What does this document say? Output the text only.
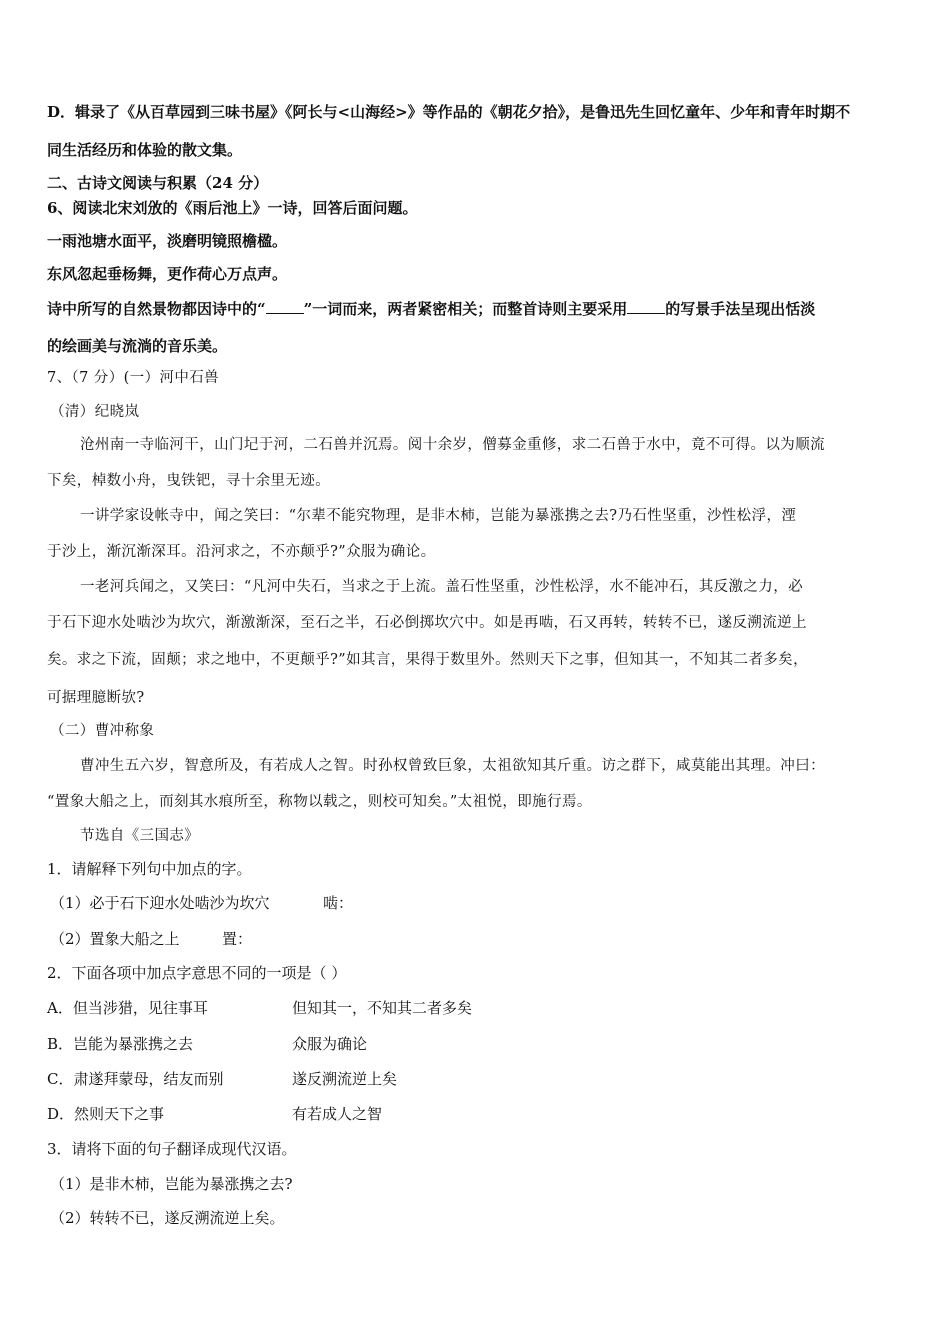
D．辑录了《从百草园到三味书屋》《阿长与<山海经>》等作品的《朝花夕拾》，是鲁迅先生回忆童年、少年和青年时期不
同生活经历和体验的散文集。
二、古诗文阅读与积累（24 分）
6、阅读北宋刘攽的《雨后池上》一诗，回答后面问题。
一雨池塘水面平，淡磨明镜照檐楹。
东风忽起垂杨舞，更作荷心万点声。
诗中所写的自然景物都因诗中的“	”一词而来，两者紧密相关；而整首诗则主要采用	的写景手法呈现出恬淡
的绘画美与流淌的音乐美。
7、（7 分）(一）河中石兽
（清）纪晓岚
沧州南一寺临河干，山门圮于河，二石兽并沉焉。阅十余岁，僧募金重修，求二石兽于水中，竟不可得。以为顺流
下矣，棹数小舟，曳铁钯，寻十余里无迹。
一讲学家设帐寺中，闻之笑曰：“尔辈不能究物理，是非木柿，岂能为暴涨携之去?乃石性坚重，沙性松浮，湮
于沙上，渐沉渐深耳。沿河求之，不亦颠乎?”众服为确论。
一老河兵闻之，又笑曰：“凡河中失石，当求之于上流。盖石性坚重，沙性松浮，水不能冲石，其反激之力，必
于石下迎水处啮沙为坎穴，渐激渐深，至石之半，石必倒掷坎穴中。如是再啮，石又再转，转转不已，遂反溯流逆上
矣。求之下流，固颠；求之地中，不更颠乎?”如其言，果得于数里外。然则天下之事，但知其一，不知其二者多矣，
可据理臆断欤?
（二）曹冲称象
曹冲生五六岁，智意所及，有若成人之智。时孙权曾致巨象，太祖欲知其斤重。访之群下，咸莫能出其理。冲曰：
“置象大船之上，而刻其水痕所至，称物以载之，则校可知矣。”太祖悦，即施行焉。
节选自《三国志》
1．请解释下列句中加点的字。
（1）必于石下迎水处啮沙为坎穴	啮：
（2）置象大船之上	置：
2．下面各项中加点字意思不同的一项是（ ）
A．但当涉猎，见往事耳	但知其一，不知其二者多矣
B．岂能为暴涨携之去	众服为确论
C．肃遂拜蒙母，结友而别	遂反溯流逆上矣
D．然则天下之事	有若成人之智
3．请将下面的句子翻译成现代汉语。
（1）是非木柿，岂能为暴涨携之去?
（2）转转不已，遂反溯流逆上矣。
